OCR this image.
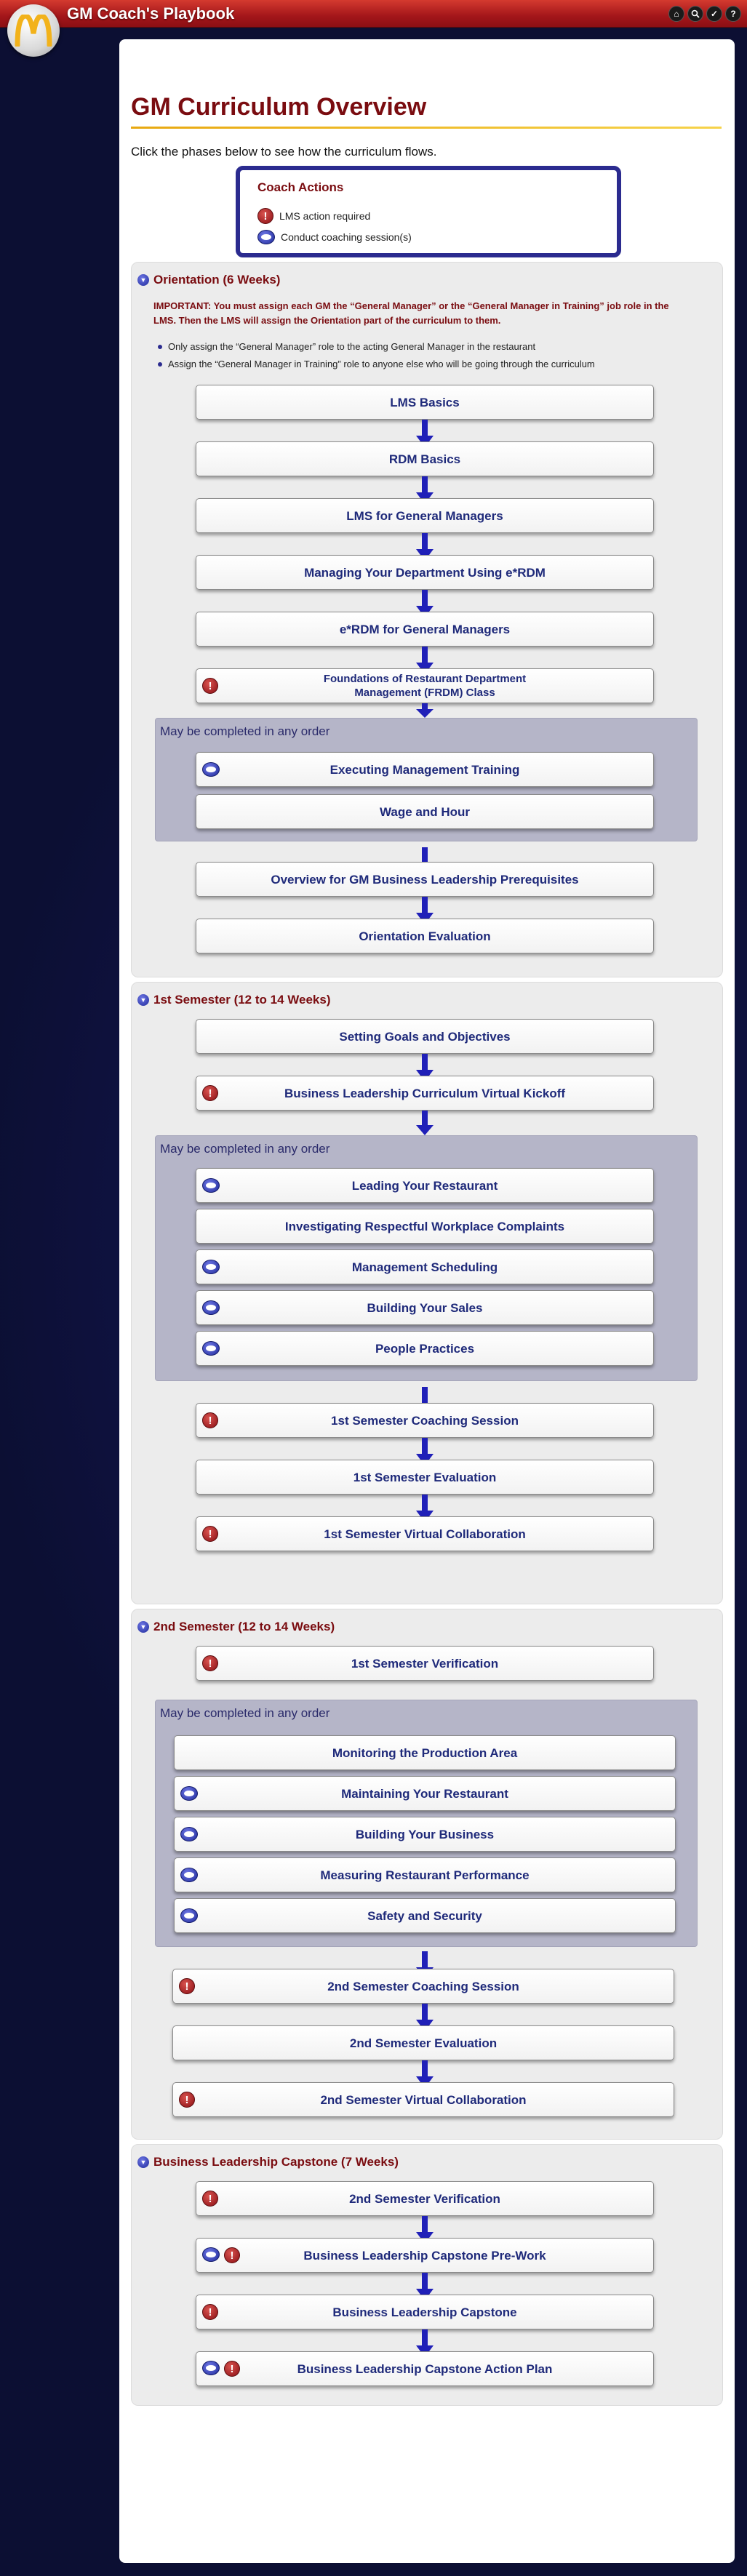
GM Coach's Playbook	⌂	✓	?
GM Curriculum Overview
Click the phases below to see how the curriculum flows.
Coach Actions
!	LMS action required
Conduct coaching session(s)
▼ Orientation (6 Weeks)
IMPORTANT: You must assign each GM the “General Manager” or the “General Manager in Training” job role in the LMS. Then the LMS will assign the Orientation part of the curriculum to them.
Only assign the “General Manager” role to the acting General Manager in the restaurant
Assign the “General Manager in Training” role to anyone else who will be going through the curriculum
LMS Basics
RDM Basics
LMS for General Managers
Managing Your Department Using e*RDM
e*RDM for General Managers
!
Foundations of Restaurant Department Management (FRDM) Class
May be completed in any order
Executing Management Training
Wage and Hour
Overview for GM Business Leadership Prerequisites
Orientation Evaluation
▼ 1st Semester (12 to 14 Weeks)
Setting Goals and Objectives
!	Business Leadership Curriculum Virtual Kickoff
May be completed in any order
Leading Your Restaurant
Investigating Respectful Workplace Complaints
Management Scheduling
Building Your Sales
People Practices
!	1st Semester Coaching Session
1st Semester Evaluation
!	1st Semester Virtual Collaboration
▼ 2nd Semester (12 to 14 Weeks)
!	1st Semester Verification
May be completed in any order
Monitoring the Production Area
Maintaining Your Restaurant
Building Your Business
Measuring Restaurant Performance
Safety and Security
!	2nd Semester Coaching Session
2nd Semester Evaluation
!	2nd Semester Virtual Collaboration
▼ Business Leadership Capstone (7 Weeks)
!	2nd Semester Verification
!	Business Leadership Capstone Pre-Work
!	Business Leadership Capstone
!	Business Leadership Capstone Action Plan
